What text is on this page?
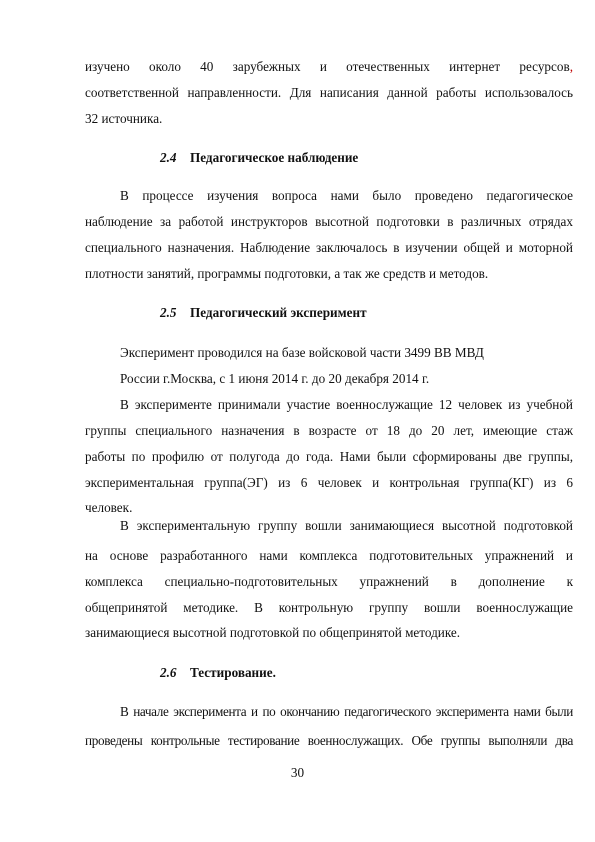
изучено около 40 зарубежных и отечественных интернет ресурсов,
соответственной направленности. Для написания данной работы использовалось
32 источника.
2.4 Педагогическое наблюдение
В процессе изучения вопроса нами было проведено педагогическое
наблюдение за работой инструкторов высотной подготовки в различных отрядах
специального назначения. Наблюдение заключалось в изучении общей и моторной
плотности занятий, программы подготовки, а так же средств и методов.
2.5 Педагогический эксперимент
Эксперимент проводился на базе войсковой части 3499 ВВ МВД
России г.Москва, с 1 июня 2014 г. до 20 декабря 2014 г.
В эксперименте принимали участие военнослужащие 12 человек из учебной
группы специального назначения в возрасте от 18 до 20 лет, имеющие стаж
работы по профилю от полугода до года. Нами были сформированы две группы,
экспериментальная группа(ЭГ) из 6 человек и контрольная группа(КГ) из 6
человек.
В экспериментальную группу вошли занимающиеся высотной подготовкой
на основе разработанного нами комплекса подготовительных упражнений и
комплекса специально-подготовительных упражнений в дополнение к
общепринятой методике. В контрольную группу вошли военнослужащие
занимающиеся высотной подготовкой по общепринятой методике.
2.6 Тестирование.
В начале эксперимента и по окончанию педагогического эксперимента нами были
проведены контрольные тестирование военнослужащих. Обе группы выполняли два
30
